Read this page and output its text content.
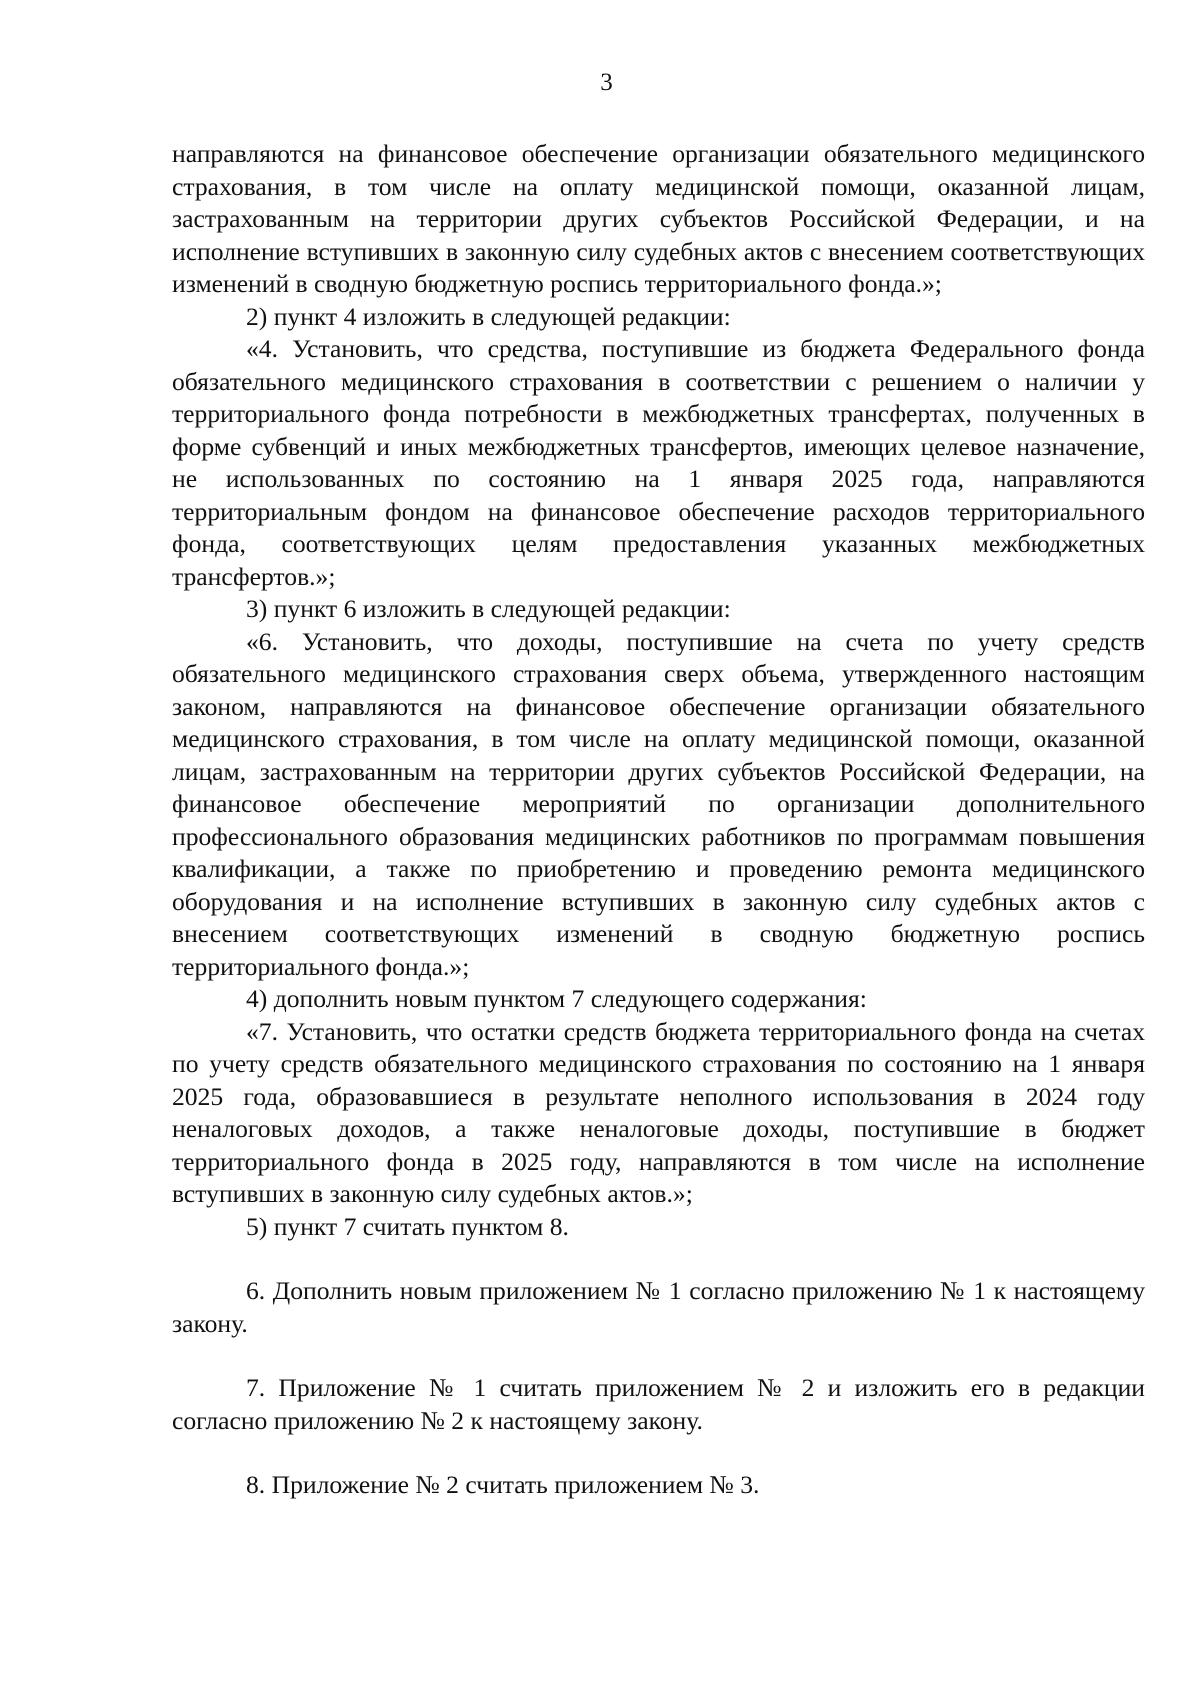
3

направляются на финансовое обеспечение организации обязательного медицинского страхования, в том числе на оплату медицинской помощи, оказанной лицам, застрахованным на территории других субъектов Российской Федерации, и на исполнение вступивших в законную силу судебных актов с внесением соответствующих изменений в сводную бюджетную роспись территориального фонда.»;

2) пункт 4 изложить в следующей редакции:

«4. Установить, что средства, поступившие из бюджета Федерального фонда обязательного медицинского страхования в соответствии с решением о наличии у территориального фонда потребности в межбюджетных трансфертах, полученных в форме субвенций и иных межбюджетных трансфертов, имеющих целевое назначение, не использованных по состоянию на 1 января 2025 года, направляются территориальным фондом на финансовое обеспечение расходов территориального фонда, соответствующих целям предоставления указанных межбюджетных трансфертов.»;

3) пункт 6 изложить в следующей редакции:

«6. Установить, что доходы, поступившие на счета по учету средств обязательного медицинского страхования сверх объема, утвержденного настоящим законом, направляются на финансовое обеспечение организации обязательного медицинского страхования, в том числе на оплату медицинской помощи, оказанной лицам, застрахованным на территории других субъектов Российской Федерации, на финансовое обеспечение мероприятий по организации дополнительного профессионального образования медицинских работников по программам повышения квалификации, а также по приобретению и проведению ремонта медицинского оборудования и на исполнение вступивших в законную силу судебных актов с внесением соответствующих изменений в сводную бюджетную роспись территориального фонда.»;

4) дополнить новым пунктом 7 следующего содержания:

«7. Установить, что остатки средств бюджета территориального фонда на счетах по учету средств обязательного медицинского страхования по состоянию на 1 января 2025 года, образовавшиеся в результате неполного использования в 2024 году неналоговых доходов, а также неналоговые доходы, поступившие в бюджет территориального фонда в 2025 году, направляются в том числе на исполнение вступивших в законную силу судебных актов.»;

5) пункт 7 считать пунктом 8.

6. Дополнить новым приложением № 1 согласно приложению № 1 к настоящему закону.

7. Приложение № 1 считать приложением № 2 и изложить его в редакции согласно приложению № 2 к настоящему закону.

8. Приложение № 2 считать приложением № 3.
